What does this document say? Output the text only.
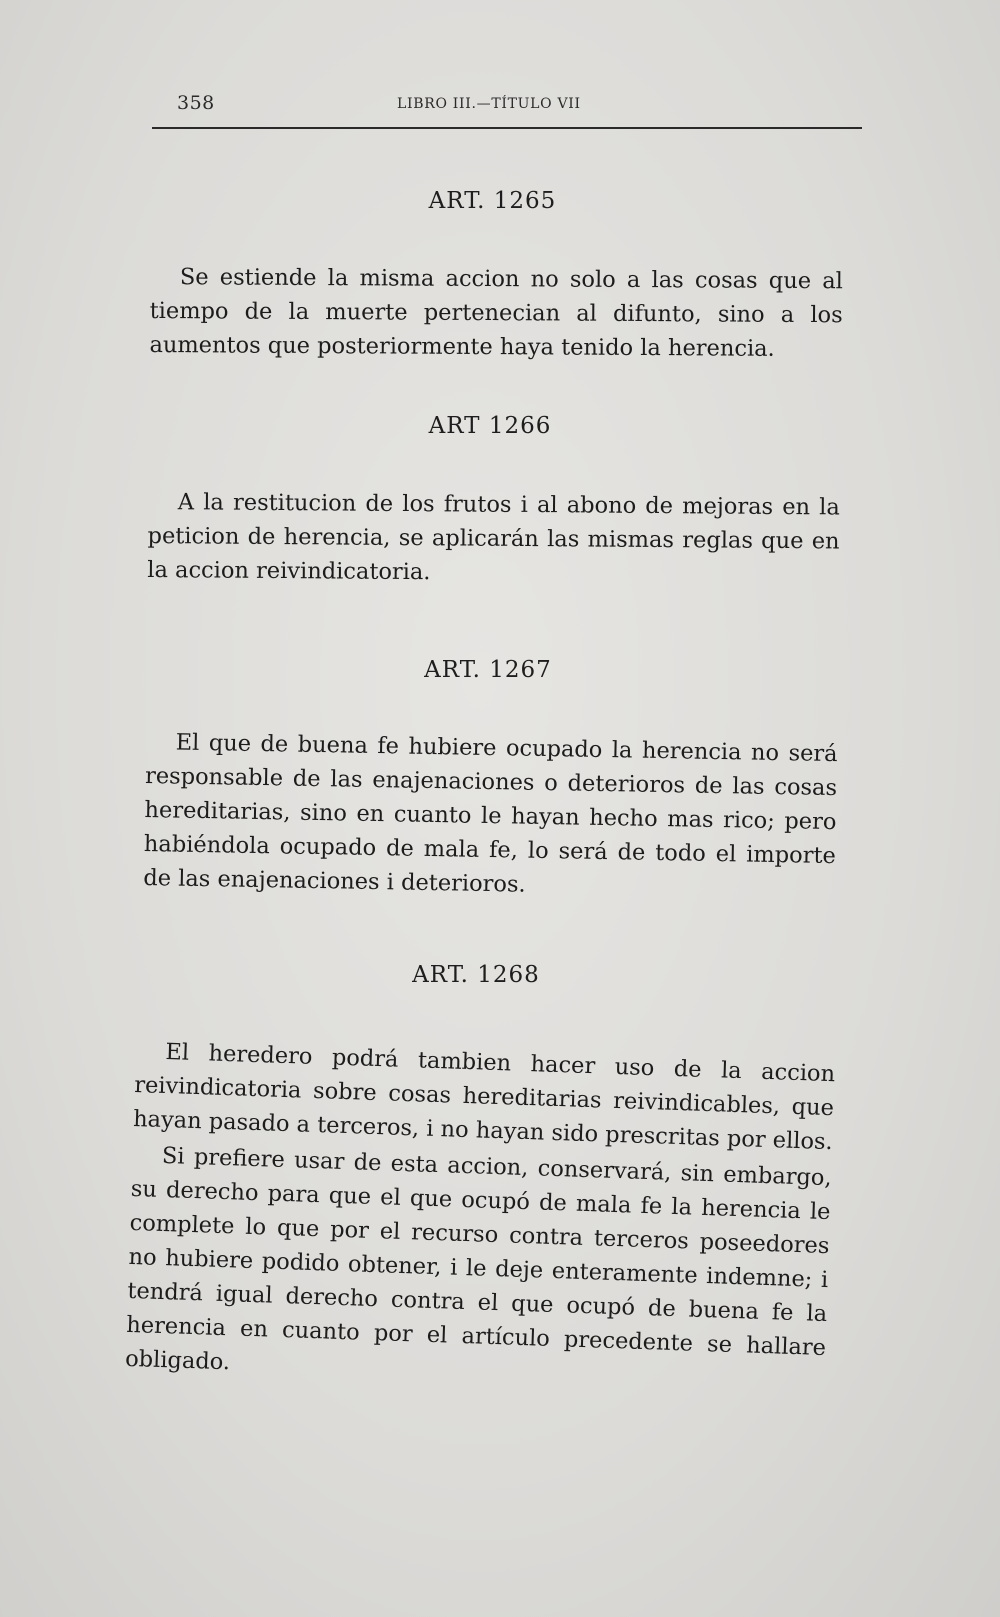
358	LIBRO III.—TÍTULO VII
ART. 1265

Se estiende la misma accion no solo a las cosas que al tiempo de la muerte pertenecian al difunto, sino a los aumentos que posteriormente haya tenido la herencia.

ART 1266

A la restitucion de los frutos i al abono de mejoras en la peticion de herencia, se aplicarán las mismas reglas que en la accion reivindicatoria.

ART. 1267

El que de buena fe hubiere ocupado la herencia no será responsable de las enajenaciones o deterioros de las cosas hereditarias, sino en cuanto le hayan hecho mas rico; pero habiéndola ocupado de mala fe, lo será de todo el importe de las enajenaciones i deterioros.

ART. 1268

El heredero podrá tambien hacer uso de la accion reivindicatoria sobre cosas hereditarias reivindicables, que hayan pasado a terceros, i no hayan sido prescritas por ellos.

Si prefiere usar de esta accion, conservará, sin embargo, su derecho para que el que ocupó de mala fe la herencia le complete lo que por el recurso contra terceros poseedores no hubiere podido obtener, i le deje enteramente indemne; i tendrá igual derecho contra el que ocupó de buena fe la herencia en cuanto por el artículo precedente se hallare obligado.
